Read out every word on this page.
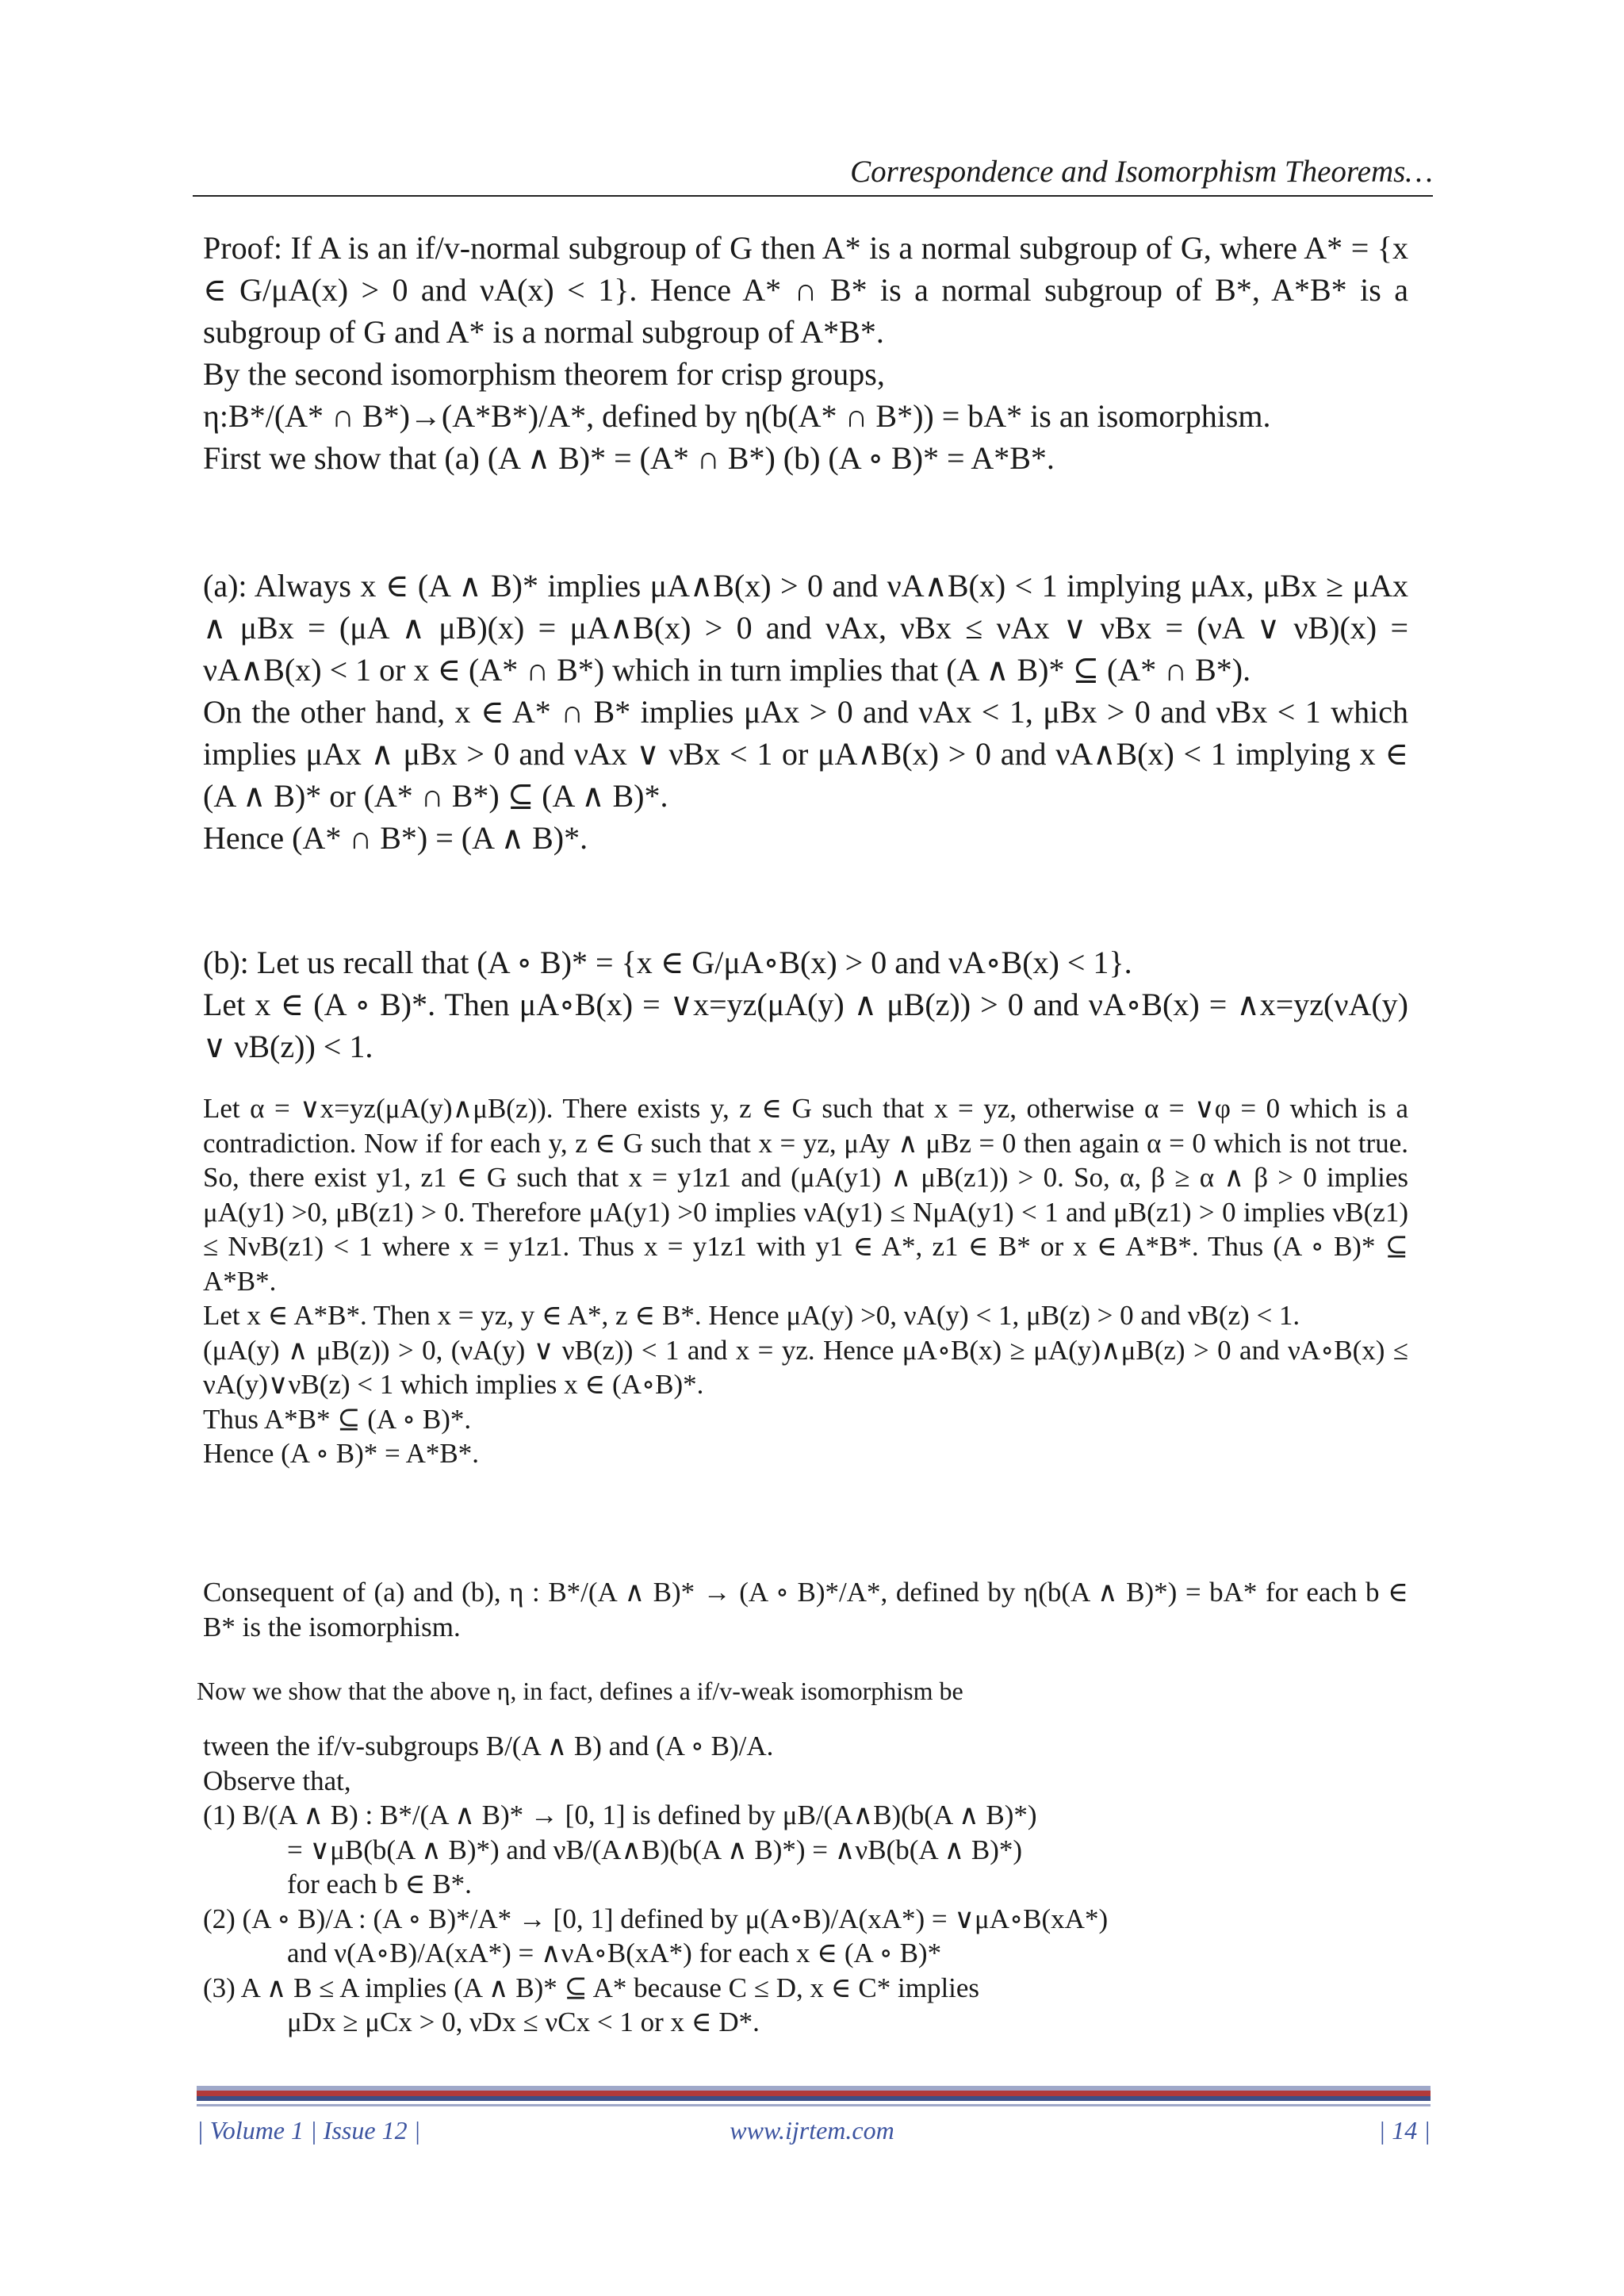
Correspondence and Isomorphism Theorems…

Proof: If A is an if/v-normal subgroup of G then A* is a normal subgroup of G, where A* = {x ∈ G/μA(x) > 0 and νA(x) < 1}. Hence A* ∩ B* is a normal subgroup of B*, A*B* is a subgroup of G and A* is a normal subgroup of A*B*.

By the second isomorphism theorem for crisp groups,

η:B*/(A* ∩ B*)→(A*B*)/A*, defined by η(b(A* ∩ B*)) = bA* is an isomorphism.

First we show that (a) (A ∧ B)* = (A* ∩ B*) (b) (A ∘ B)* = A*B*.

(a): Always x ∈ (A ∧ B)* implies μA∧B(x) > 0 and νA∧B(x) < 1 implying μAx, μBx ≥ μAx ∧ μBx = (μA ∧ μB)(x) = μA∧B(x) > 0 and νAx, νBx ≤ νAx ∨ νBx = (νA ∨ νB)(x) = νA∧B(x) < 1 or x ∈ (A* ∩ B*) which in turn implies that (A ∧ B)* ⊆ (A* ∩ B*).

On the other hand, x ∈ A* ∩ B* implies μAx > 0 and νAx < 1, μBx > 0 and νBx < 1 which implies μAx ∧ μBx > 0 and νAx ∨ νBx < 1 or μA∧B(x) > 0 and νA∧B(x) < 1 implying x ∈ (A ∧ B)* or (A* ∩ B*) ⊆ (A ∧ B)*.

Hence (A* ∩ B*) = (A ∧ B)*.

(b): Let us recall that (A ∘ B)* = {x ∈ G/μA∘B(x) > 0 and νA∘B(x) < 1}.

Let x ∈ (A ∘ B)*. Then μA∘B(x) = ∨x=yz(μA(y) ∧ μB(z)) > 0 and νA∘B(x) = ∧x=yz(νA(y) ∨ νB(z)) < 1.

Let α = ∨x=yz(μA(y)∧μB(z)). There exists y, z ∈ G such that x = yz, otherwise α = ∨φ = 0 which is a contradiction. Now if for each y, z ∈ G such that x = yz, μAy ∧ μBz = 0 then again α = 0 which is not true. So, there exist y1, z1 ∈ G such that x = y1z1 and (μA(y1) ∧ μB(z1)) > 0. So, α, β ≥ α ∧ β > 0 implies μA(y1) >0, μB(z1) > 0. Therefore μA(y1) >0 implies νA(y1) ≤ NμA(y1) < 1 and μB(z1) > 0 implies νB(z1) ≤ NνB(z1) < 1 where x = y1z1. Thus x = y1z1 with y1 ∈ A*, z1 ∈ B* or x ∈ A*B*. Thus (A ∘ B)* ⊆ A*B*.

Let x ∈ A*B*. Then x = yz, y ∈ A*, z ∈ B*. Hence μA(y) >0, νA(y) < 1, μB(z) > 0 and νB(z) < 1.

(μA(y) ∧ μB(z)) > 0, (νA(y) ∨ νB(z)) < 1 and x = yz. Hence μA∘B(x) ≥ μA(y)∧μB(z) > 0 and νA∘B(x) ≤ νA(y)∨νB(z) < 1 which implies x ∈ (A∘B)*.

Thus A*B* ⊆ (A ∘ B)*.

Hence (A ∘ B)* = A*B*.

Consequent of (a) and (b), η : B*/(A ∧ B)* → (A ∘ B)*/A*, defined by η(b(A ∧ B)*) = bA* for each b ∈ B* is the isomorphism.

Now we show that the above η, in fact, defines a if/v-weak isomorphism be

tween the if/v-subgroups B/(A ∧ B) and (A ∘ B)/A.

Observe that,

(1) B/(A ∧ B) : B*/(A ∧ B)* → [0, 1] is defined by μB/(A∧B)(b(A ∧ B)*)

= ∨μB(b(A ∧ B)*) and νB/(A∧B)(b(A ∧ B)*) = ∧νB(b(A ∧ B)*)

for each b ∈ B*.

(2) (A ∘ B)/A : (A ∘ B)*/A* → [0, 1] defined by μ(A∘B)/A(xA*) = ∨μA∘B(xA*)

and ν(A∘B)/A(xA*) = ∧νA∘B(xA*) for each x ∈ (A ∘ B)*

(3) A ∧ B ≤ A implies (A ∧ B)* ⊆ A* because C ≤ D, x ∈ C* implies

μDx ≥ μCx > 0, νDx ≤ νCx < 1 or x ∈ D*.

| Volume 1 | Issue 12 |	www.ijrtem.com	| 14 |
